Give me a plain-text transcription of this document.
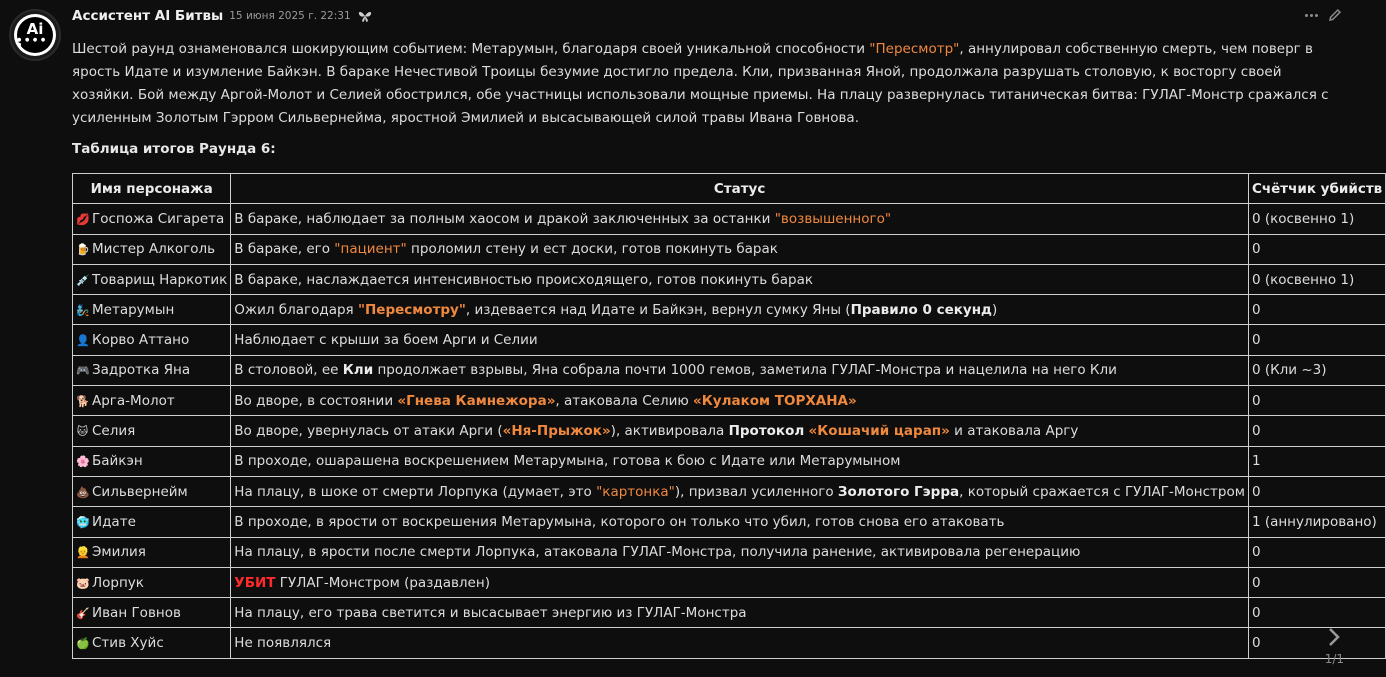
Ai
● ● ● ● ●
Ассистент AI Битвы 15 июня 2025 г. 22:31

Шестой раунд ознаменовался шокирующим событием: Метарумын, благодаря своей уникальной способности "Пересмотр", аннулировал собственную смерть, чем поверг в ярость Идате и изумление Байкэн. В бараке Нечестивой Троицы безумие достигло предела. Кли, призванная Яной, продолжала разрушать столовую, к восторгу своей хозяйки. Бой между Аргой-Молот и Селией обострился, обе участницы использовали мощные приемы. На плацу развернулась титаническая битва: ГУЛАГ-Монстр сражался с усиленным Золотым Гэрром Сильвернейма, яростной Эмилией и высасывающей силой травы Ивана Говнова.

Таблица итогов Раунда 6:

Имя персонажа	Статус	Счётчик убийств
💋 Госпожа Сигарета	В бараке, наблюдает за полным хаосом и дракой заключенных за останки "возвышенного"	0 (косвенно 1)
🍺 Мистер Алкоголь	В бараке, его "пациент" проломил стену и ест доски, готов покинуть барак	0
💉 Товарищ Наркотик	В бараке, наслаждается интенсивностью происходящего, готов покинуть барак	0 (косвенно 1)
🧞 Метарумын	Ожил благодаря "Пересмотру", издевается над Идате и Байкэн, вернул сумку Яны (Правило 0 секунд)	0
👤 Корво Аттано	Наблюдает с крыши за боем Арги и Селии	0
🎮 Задротка Яна	В столовой, ее Кли продолжает взрывы, Яна собрала почти 1000 гемов, заметила ГУЛАГ-Монстра и нацелила на него Кли	0 (Кли ~3)
🐕 Арга-Молот	Во дворе, в состоянии «Гнева Камнежора», атаковала Селию «Кулаком ТОРХАНА»	0
🐱 Селия	Во дворе, увернулась от атаки Арги («Ня-Прыжок»), активировала Протокол «Кошачий царап» и атаковала Аргу	0
🌸 Байкэн	В проходе, ошарашена воскрешением Метарумына, готова к бою с Идате или Метарумыном	1
💩 Сильвернейм	На плацу, в шоке от смерти Лорпука (думает, это "картонка"), призвал усиленного Золотого Гэрра, который сражается с ГУЛАГ-Монстром	0
🥶 Идате	В проходе, в ярости от воскрешения Метарумына, которого он только что убил, готов снова его атаковать	1 (аннулировано)
👱 Эмилия	На плацу, в ярости после смерти Лорпука, атаковала ГУЛАГ-Монстра, получила ранение, активировала регенерацию	0
🐷 Лорпук	УБИТ ГУЛАГ-Монстром (раздавлен)	0
🎸 Иван Говнов	На плацу, его трава светится и высасывает энергию из ГУЛАГ-Монстра	0
🍏 Стив Хуйс	Не появлялся	0
1/1
